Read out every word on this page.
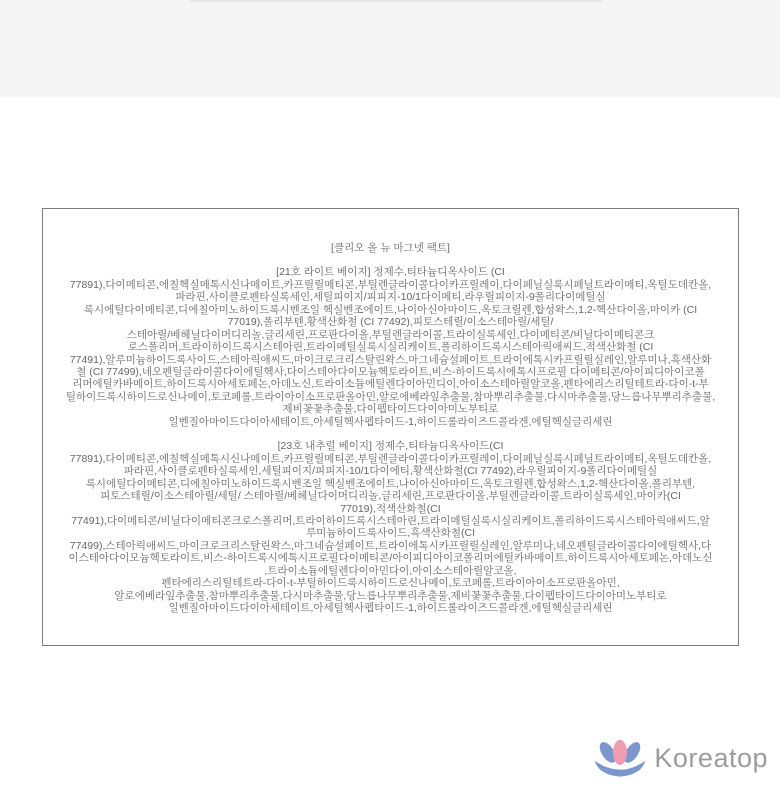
[클리오 올 뉴 마그넷 팩트]
[21호 라이트 베이지] 정제수,티타늄디옥사이드 (CI
77891),다이메티콘,에칠헥실메톡시신나메이트,카프릴릴메티콘,부틸렌글라이콜다이카프릴레이,다이페닐실록시페닐트라이메티,옥틸도데칸올,
파라핀,사이클로펜타실록세인,세틸피이지/피피지-10/1다이메티,라우릴피이지-9폴리다이메틸실
록시에틸다이메티콘,디에칠아미노하이드록시벤조일 헥실벤조에이트,나이아신아마이드,옥토크릴렌,합성왁스,1,2-헥산다이올,마이카 (CI
77019),폴리부텐,황색산화철 (CI 77492),피토스테릴/이소스테아릴/세틸/
스테아릴/베헤닐다이머디리놀,글리세린,프로판다이올,부틸렌글라이콜,트라이실록세인,다이메티콘/비닐다이메티콘크
로스폴리머,트라이하이드록시스테아린,트라이메틸실록시실리케이트,폴리하이드록시스테아릭애씨드,적색산화철 (CI
77491),알루미늄하이드록사이드,스테아릭애씨드,마이크로크리스탈린왁스,마그네슘설페이트,트라이에톡시카프릴릴실레인,알루미나,흑색산화
철 (CI 77499),네오펜틸글라이콜다이에틸헥사,다이스테아다이모늄헥토라이트,비스-하이드록시에톡시프로필 다이메티콘/아이피디아이코폴
리머에틸카바메이트,하이드록시아세토페논,아데노신,트라이소듐에틸렌다이아민디이,아이소스테아릴알코올,펜타에리스리틸테트라-다이-t-부
틸하이드록시하이드로신나메이,토코페롤,트라이아이소프로판올아민,알로에베라잎추출물,참마뿌리추출물,다시마추출물,당느릅나무뿌리추출물,
제비꽃꽃추출물,다이펩타이드다이아미노부티로
일벤질아마이드다이아세테이트,아세틸헥사펩타이드-1,하이드롤라이즈드콜라겐,에틸헥실글리세린
[23호 내추럴 베이지] 정제수,티타늄디옥사이드(CI
77891),다이메티콘,에칠헥실메톡시신나메이트,카프릴릴메티콘,부틸렌글라이콜다이카프릴레이,다이페닐실록시페닐트라이메티,옥틸도데칸올,
파라핀,사이클로펜타실록세인,세틸피이지/피피지-10/1다이에티,황색산화철(CI 77492),라우릴피이지-9폴리다이메틸실
록시에틸다이메티콘,디에칠아미노하이드록시벤조일 헥실벤조에이트,나이아신아마이드,옥토크릴렌,합성왁스,1,2-헥산다이올,폴리부텐,
피토스테릴/이소스테아릴/세틸/ 스테아릴/베헤닐다이머디리놀,글리세린,프로판다이올,부틸렌글라이콜,트라이실록세인,마이카(CI
77019),적색산화철(CI
77491),다이메티콘/비닐다이메티콘크로스폴리머,트라이하이드록시스테아린,트라이메틸실록시실리케이트,폴리하이드록시스테아릭애씨드,알
루미늄하이드록사이드,흑색산화철(CI
77499),스테아릭애씨드,마이크로크리스탈린왁스,마그네슘설페이트,트라이에톡시카프릴릴실레인,알루미나,네오펜틸글라이콜다이에틸헥사,다
이스테아다이모늄헥토라이트,비스-하이드록시에톡시프로필다이메티콘/아이피디아이코폴리머에틸카바메이트,하이드록시아세토페논,아데노신
,트라이소듐에틸렌다이아민다이,아이소스테아릴알코올,
펜타에리스리틸테트라-다이-t-부틸하이드록시하이드로신나메이,토코페롤,트라이아이소프로판올아민,
알로에베라잎추출물,참마뿌리추출물,다시마추출물,당느릅나무뿌리추출물,제비꽃꽃추출물,다이펩타이드다이아미노부티로
일벤질아마이드다이아세테이트,아세틸헥사펩타이드-1,하이드롤라이즈드콜라겐,에틸헥실글리세린
Koreatop
